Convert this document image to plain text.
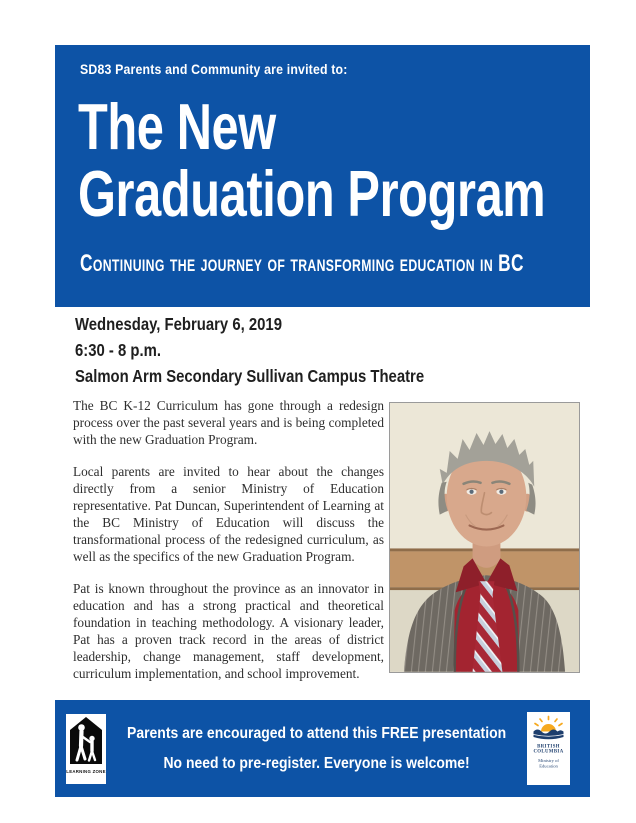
SD83 Parents and Community are invited to:
The New
Graduation Program
Continuing the journey of transforming education in BC
Wednesday, February 6, 2019
6:30 - 8 p.m.
Salmon Arm Secondary Sullivan Campus Theatre

The BC K-12 Curriculum has gone through a redesign process over the past several years and is being completed with the new Graduation Program.

Local parents are invited to hear about the changes directly from a senior Ministry of Education representative. Pat Duncan, Superintendent of Learning at the BC Ministry of Education will discuss the transformational process of the redesigned curriculum, as well as the specifics of the new Graduation Program.

Pat is known throughout the province as an innovator in education and has a strong practical and theoretical foundation in teaching methodology. A visionary leader, Pat has a proven track record in the areas of district leadership, change management, staff development, curriculum implementation, and school improvement.

LEARNING ZONE
Parents are encouraged to attend this FREE presentation
No need to pre-register. Everyone is welcome!
BRITISH
COLUMBIA
Ministry of
Education
